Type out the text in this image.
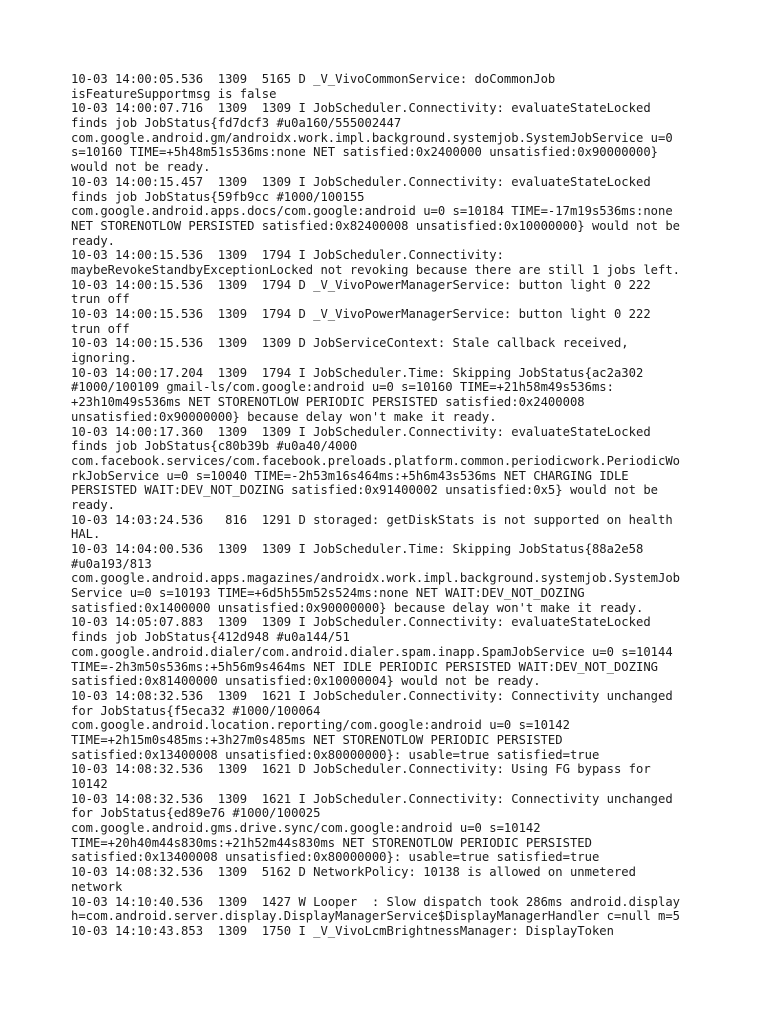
10-03 14:00:05.536  1309  5165 D _V_VivoCommonService: doCommonJob
isFeatureSupportmsg is false
10-03 14:00:07.716  1309  1309 I JobScheduler.Connectivity: evaluateStateLocked
finds job JobStatus{fd7dcf3 #u0a160/555002447
com.google.android.gm/androidx.work.impl.background.systemjob.SystemJobService u=0
s=10160 TIME=+5h48m51s536ms:none NET satisfied:0x2400000 unsatisfied:0x90000000}
would not be ready.
10-03 14:00:15.457  1309  1309 I JobScheduler.Connectivity: evaluateStateLocked
finds job JobStatus{59fb9cc #1000/100155
com.google.android.apps.docs/com.google:android u=0 s=10184 TIME=-17m19s536ms:none
NET STORENOTLOW PERSISTED satisfied:0x82400008 unsatisfied:0x10000000} would not be
ready.
10-03 14:00:15.536  1309  1794 I JobScheduler.Connectivity:
maybeRevokeStandbyExceptionLocked not revoking because there are still 1 jobs left.
10-03 14:00:15.536  1309  1794 D _V_VivoPowerManagerService: button light 0 222
trun off
10-03 14:00:15.536  1309  1794 D _V_VivoPowerManagerService: button light 0 222
trun off
10-03 14:00:15.536  1309  1309 D JobServiceContext: Stale callback received,
ignoring.
10-03 14:00:17.204  1309  1794 I JobScheduler.Time: Skipping JobStatus{ac2a302
#1000/100109 gmail-ls/com.google:android u=0 s=10160 TIME=+21h58m49s536ms:
+23h10m49s536ms NET STORENOTLOW PERIODIC PERSISTED satisfied:0x2400008
unsatisfied:0x90000000} because delay won't make it ready.
10-03 14:00:17.360  1309  1309 I JobScheduler.Connectivity: evaluateStateLocked
finds job JobStatus{c80b39b #u0a40/4000
com.facebook.services/com.facebook.preloads.platform.common.periodicwork.PeriodicWo
rkJobService u=0 s=10040 TIME=-2h53m16s464ms:+5h6m43s536ms NET CHARGING IDLE
PERSISTED WAIT:DEV_NOT_DOZING satisfied:0x91400002 unsatisfied:0x5} would not be
ready.
10-03 14:03:24.536   816  1291 D storaged: getDiskStats is not supported on health
HAL.
10-03 14:04:00.536  1309  1309 I JobScheduler.Time: Skipping JobStatus{88a2e58
#u0a193/813
com.google.android.apps.magazines/androidx.work.impl.background.systemjob.SystemJob
Service u=0 s=10193 TIME=+6d5h55m52s524ms:none NET WAIT:DEV_NOT_DOZING
satisfied:0x1400000 unsatisfied:0x90000000} because delay won't make it ready.
10-03 14:05:07.883  1309  1309 I JobScheduler.Connectivity: evaluateStateLocked
finds job JobStatus{412d948 #u0a144/51
com.google.android.dialer/com.android.dialer.spam.inapp.SpamJobService u=0 s=10144
TIME=-2h3m50s536ms:+5h56m9s464ms NET IDLE PERIODIC PERSISTED WAIT:DEV_NOT_DOZING
satisfied:0x81400000 unsatisfied:0x10000004} would not be ready.
10-03 14:08:32.536  1309  1621 I JobScheduler.Connectivity: Connectivity unchanged
for JobStatus{f5eca32 #1000/100064
com.google.android.location.reporting/com.google:android u=0 s=10142
TIME=+2h15m0s485ms:+3h27m0s485ms NET STORENOTLOW PERIODIC PERSISTED
satisfied:0x13400008 unsatisfied:0x80000000}: usable=true satisfied=true
10-03 14:08:32.536  1309  1621 D JobScheduler.Connectivity: Using FG bypass for
10142
10-03 14:08:32.536  1309  1621 I JobScheduler.Connectivity: Connectivity unchanged
for JobStatus{ed89e76 #1000/100025
com.google.android.gms.drive.sync/com.google:android u=0 s=10142
TIME=+20h40m44s830ms:+21h52m44s830ms NET STORENOTLOW PERIODIC PERSISTED
satisfied:0x13400008 unsatisfied:0x80000000}: usable=true satisfied=true
10-03 14:08:32.536  1309  5162 D NetworkPolicy: 10138 is allowed on unmetered
network
10-03 14:10:40.536  1309  1427 W Looper  : Slow dispatch took 286ms android.display
h=com.android.server.display.DisplayManagerService$DisplayManagerHandler c=null m=5
10-03 14:10:43.853  1309  1750 I _V_VivoLcmBrightnessManager: DisplayToken
